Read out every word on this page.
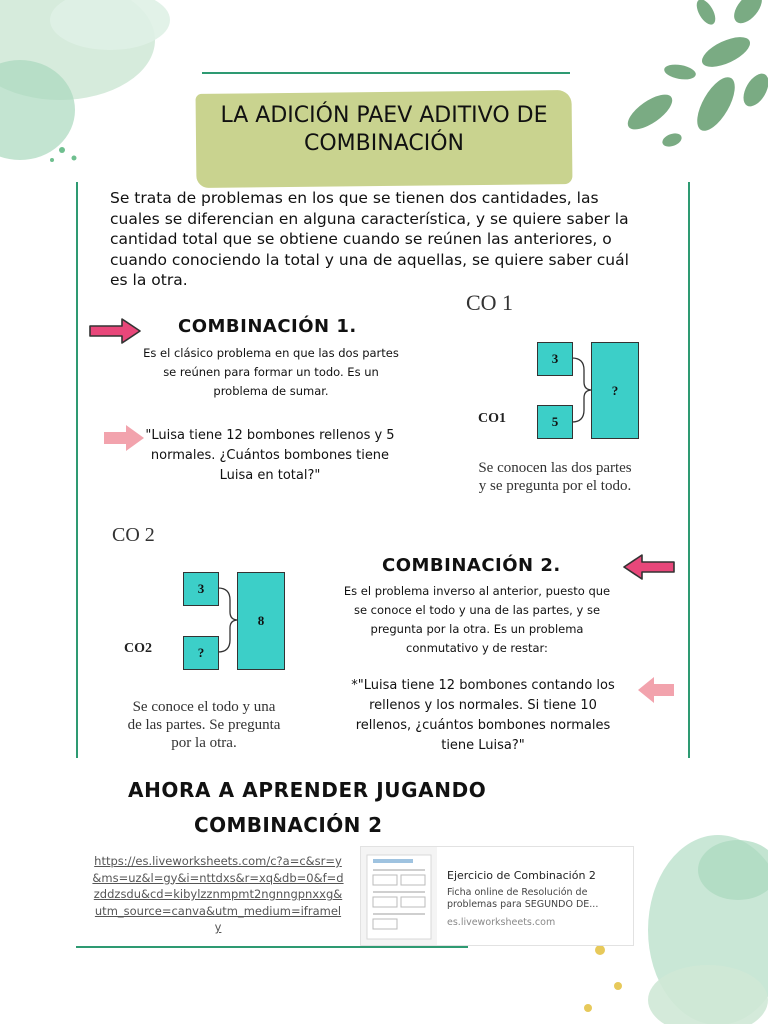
LA ADICIÓN PAEV ADITIVO DE
COMBINACIÓN
Se trata de problemas en los que se tienen dos cantidades, las cuales se diferencian en alguna característica, y se quiere saber la cantidad total que se obtiene cuando se reúnen las anteriores, o cuando conociendo la total y una de aquellas, se quiere saber cuál es la otra.
COMBINACIÓN 1.
Es el clásico problema en que las dos partes
se reúnen para formar un todo. Es un
problema de sumar.
"Luisa tiene 12 bombones rellenos y 5
normales. ¿Cuántos bombones tiene
Luisa en total?"
CO 1
3
5
?
CO1
Se conocen las dos partes
y se pregunta por el todo.
CO 2
3
?
8
CO2
Se conoce el todo y una
de las partes. Se pregunta
por la otra.
COMBINACIÓN 2.
Es el problema inverso al anterior, puesto que
se conoce el todo y una de las partes, y se
pregunta por la otra. Es un problema
conmutativo y de restar:
*"Luisa tiene 12 bombones contando los
rellenos y los normales. Si tiene 10
rellenos, ¿cuántos bombones normales
tiene Luisa?"
AHORA A APRENDER JUGANDO
COMBINACIÓN 2
https://es.liveworksheets.com/c?a=c&sr=y&ms=uz&l=gy&i=nttdxs&r=xq&db=0&f=dzddzsdu&cd=kibylzznmpmt2ngnngpnxxg&utm_source=canva&utm_medium=iframely
Ejercicio de Combinación 2
Ficha online de Resolución de problemas para SEGUNDO DE...
es.liveworksheets.com
